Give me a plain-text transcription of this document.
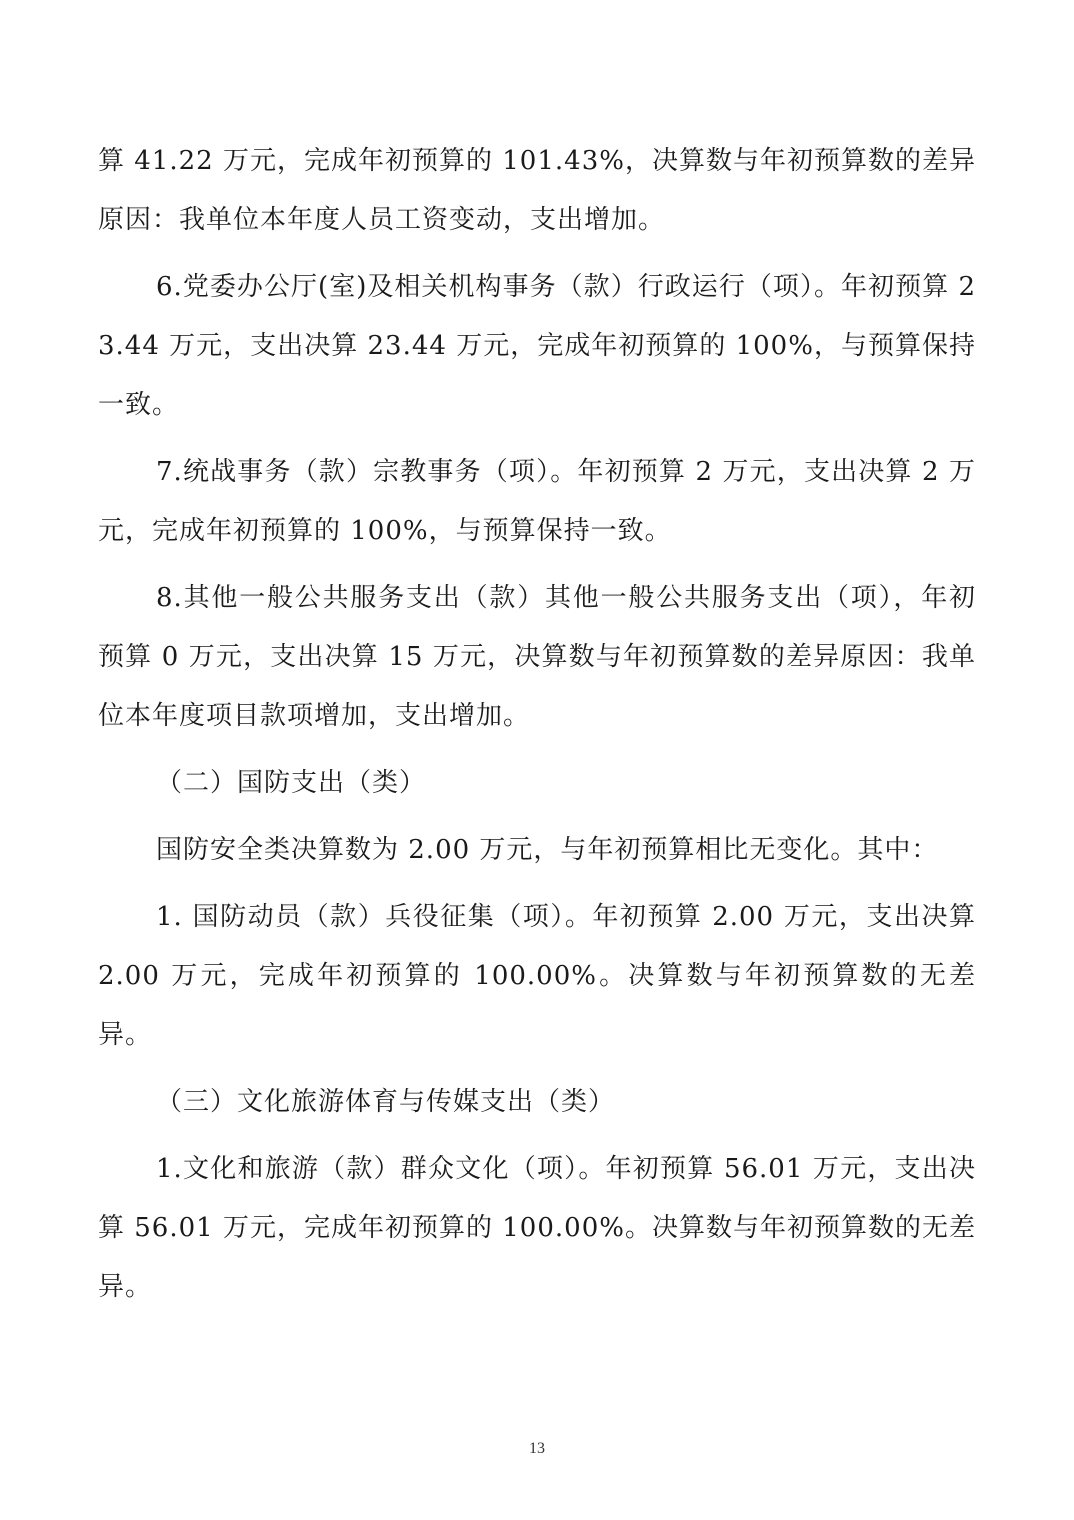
算 41.22 万元，完成年初预算的 101.43%，决算数与年初预算数的差异原因：我单位本年度人员工资变动，支出增加。

6.党委办公厅(室)及相关机构事务（款）行政运行（项）。年初预算 23.44 万元，支出决算 23.44 万元，完成年初预算的 100%，与预算保持一致。

7.统战事务（款）宗教事务（项）。年初预算 2 万元，支出决算 2 万元，完成年初预算的 100%，与预算保持一致。

8.其他一般公共服务支出（款）其他一般公共服务支出（项），年初预算 0 万元，支出决算 15 万元，决算数与年初预算数的差异原因：我单位本年度项目款项增加，支出增加。

（二）国防支出（类）

国防安全类决算数为 2.00 万元，与年初预算相比无变化。其中：

1. 国防动员（款）兵役征集（项）。年初预算 2.00 万元，支出决算 2.00 万元，完成年初预算的 100.00%。决算数与年初预算数的无差异。

（三）文化旅游体育与传媒支出（类）

1.文化和旅游（款）群众文化（项）。年初预算 56.01 万元，支出决算 56.01 万元，完成年初预算的 100.00%。决算数与年初预算数的无差异。

13
